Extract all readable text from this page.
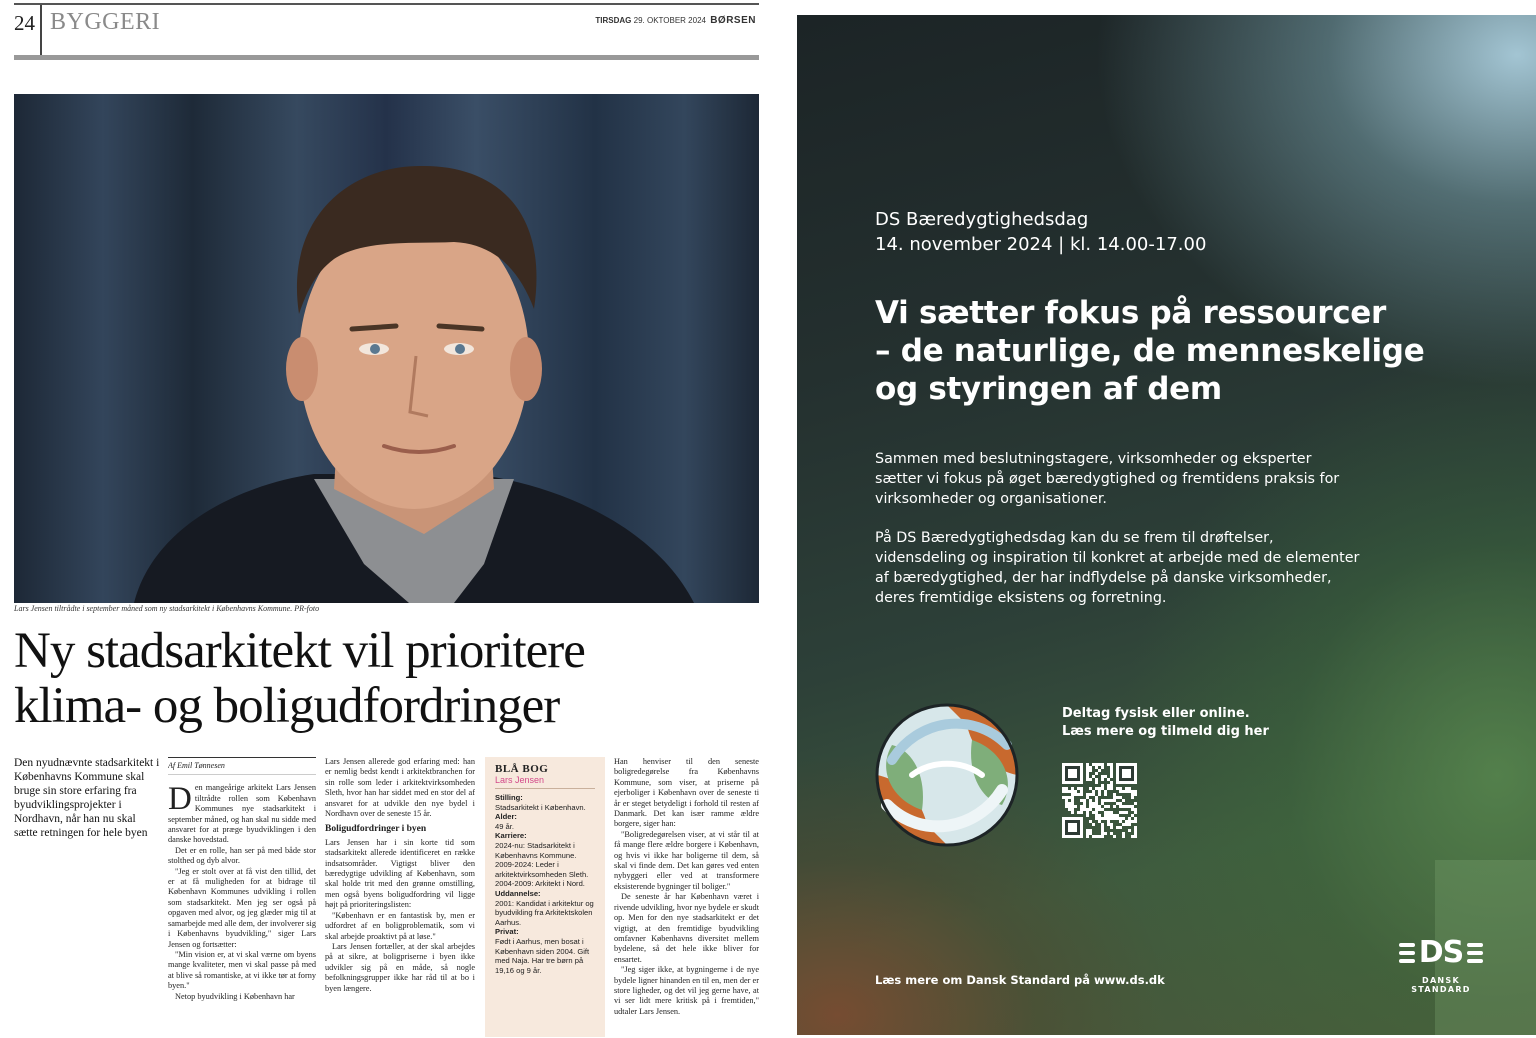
24 BYGGERI	TIRSDAG 29. OKTOBER 2024 BØRSEN
Lars Jensen tiltrådte i september måned som ny stadsarkitekt i Københavns Kommune. PR-foto
Ny stadsarkitekt vil prioritere
klima- og boligudfordringer
Den nyudnævnte stadsarkitekt i Københavns Kommune skal bruge sin store erfaring fra byudviklingsprojekter i Nordhavn, når han nu skal sætte retningen for hele byen
Af Emil Tønnesen

Den mangeårige arkitekt Lars Jensen tiltrådte rollen som København Kommunes nye stadsarkitekt i september måned, og han skal nu sidde med ansvaret for at præge byudviklingen i den danske hovedstad.

Det er en rolle, han ser på med både stor stolthed og dyb alvor.

"Jeg er stolt over at få vist den tillid, det er at få muligheden for at bidrage til København Kommunes udvikling i rollen som stadsarkitekt. Men jeg ser også på opgaven med alvor, og jeg glæder mig til at samarbejde med alle dem, der involverer sig i Københavns byudvikling," siger Lars Jensen og fortsætter:

"Min vision er, at vi skal værne om byens mange kvaliteter, men vi skal passe på med at blive så romantiske, at vi ikke tør at forny byen."

Netop byudvikling i København har

Lars Jensen allerede god erfaring med: han er nemlig bedst kendt i arkitektbranchen for sin rolle som leder i arkitektvirksomheden Sleth, hvor han har siddet med en stor del af ansvaret for at udvikle den nye bydel i Nordhavn over de seneste 15 år.

Boligudfordringer i byen

Lars Jensen har i sin korte tid som stadsarkitekt allerede identificeret en række indsatsområder. Vigtigst bliver den bæredygtige udvikling af København, som skal holde trit med den grønne omstilling, men også byens boligudfordring vil ligge højt på prioriteringslisten:

"København er en fantastisk by, men er udfordret af en boligproblematik, som vi skal arbejde proaktivt på at løse."

Lars Jensen fortæller, at der skal arbejdes på at sikre, at boligpriserne i byen ikke udvikler sig på en måde, så nogle befolkningsgrupper ikke har råd til at bo i byen længere.

BLÅ BOG
Lars Jensen
Stilling:
Stadsarkitekt i København.
Alder:
49 år.
Karriere:
2024-nu: Stadsarkitekt i Københavns Kommune. 2009-2024: Leder i arkitektvirksomheden Sleth. 2004-2009: Arkitekt i Nord.
Uddannelse:
2001: Kandidat i arkitektur og byudvikling fra Arkitektskolen Aarhus.
Privat:
Født i Aarhus, men bosat i København siden 2004. Gift med Naja. Har tre børn på 19,16 og 9 år.

Han henviser til den seneste boligredegørelse fra Københavns Kommune, som viser, at priserne på ejerboliger i København over de seneste ti år er steget betydeligt i forhold til resten af Danmark. Det kan især ramme ældre borgere, siger han:

"Boligredegørelsen viser, at vi står til at få mange flere ældre borgere i København, og hvis vi ikke har boligerne til dem, så skal vi finde dem. Det kan gøres ved enten nybyggeri eller ved at transformere eksisterende bygninger til boliger."

De seneste år har København været i rivende udvikling, hvor nye bydele er skudt op. Men for den nye stadsarkitekt er det vigtigt, at den fremtidige byudvikling omfavner Københavns diversitet mellem bydelene, så det hele ikke bliver for ensartet.

"Jeg siger ikke, at bygningerne i de nye bydele ligner hinanden en til en, men der er store ligheder, og det vil jeg gerne have, at vi ser lidt mere kritisk på i fremtiden," udtaler Lars Jensen.

DS Bæredygtighedsdag
14. november 2024 | kl. 14.00-17.00
Vi sætter fokus på ressourcer
– de naturlige, de menneskelige
og styringen af dem
Sammen med beslutningstagere, virksomheder og eksperter
sætter vi fokus på øget bæredygtighed og fremtidens praksis for
virksomheder og organisationer.
På DS Bæredygtighedsdag kan du se frem til drøftelser,
vidensdeling og inspiration til konkret at arbejde med de elementer
af bæredygtighed, der har indflydelse på danske virksomheder,
deres fremtidige eksistens og forretning.
Deltag fysisk eller online.
Læs mere og tilmeld dig her
Læs mere om Dansk Standard på www.ds.dk
DS
DANSK STANDARD
